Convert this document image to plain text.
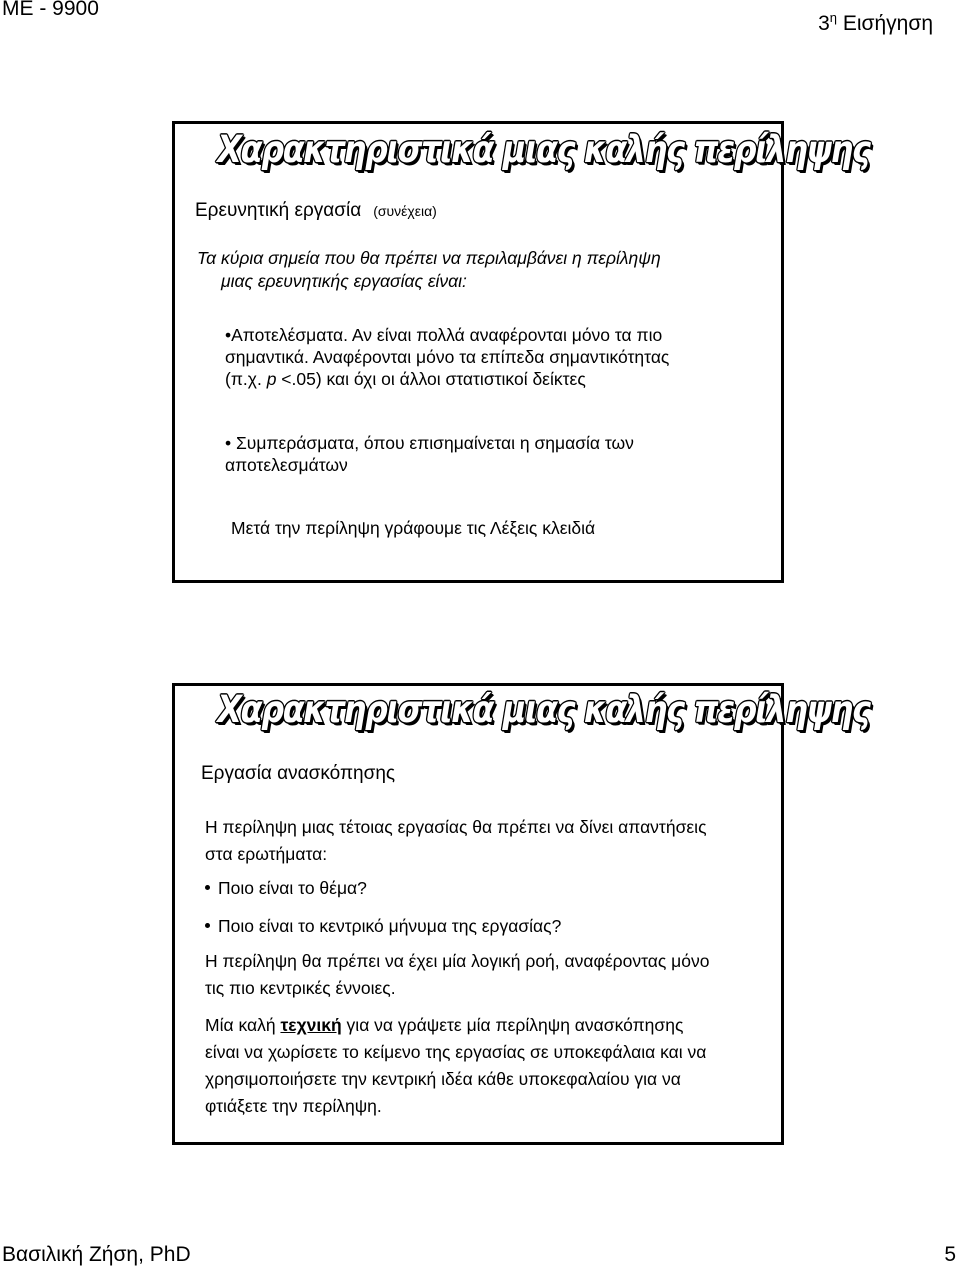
ΜΕ - 9900
$3^\eta$ Εισήγηση
Χαρακτηριστικά μιας καλής περίληψης
Ερευνητική εργασία (συνέχεια)
Τα κύρια σημεία που θα πρέπει να περιλαμβάνει η περίληψη
μιας ερευνητικής εργασίας είναι:
•Αποτελέσματα. Αν είναι πολλά αναφέρονται μόνο τα πιο
σημαντικά. Αναφέρονται μόνο τα επίπεδα σημαντικότητας
(π.χ. p <.05) και όχι οι άλλοι στατιστικοί δείκτες
• Συμπεράσματα, όπου επισημαίνεται η σημασία των
αποτελεσμάτων
Μετά την περίληψη γράφουμε τις Λέξεις κλειδιά
Χαρακτηριστικά μιας καλής περίληψης
Εργασία ανασκόπησης
Η περίληψη μιας τέτοιας εργασίας θα πρέπει να δίνει απαντήσεις
στα ερωτήματα:
Ποιο είναι το θέμα?
Ποιο είναι το κεντρικό μήνυμα της εργασίας?
Η περίληψη θα πρέπει να έχει μία λογική ροή, αναφέροντας μόνο
τις πιο κεντρικές έννοιες.
Μία καλή τεχνική για να γράψετε μία περίληψη ανασκόπησης
είναι να χωρίσετε το κείμενο της εργασίας σε υποκεφάλαια και να
χρησιμοποιήσετε την κεντρική ιδέα κάθε υποκεφαλαίου για να
φτιάξετε την περίληψη.
Βασιλική Ζήση, PhD	5
